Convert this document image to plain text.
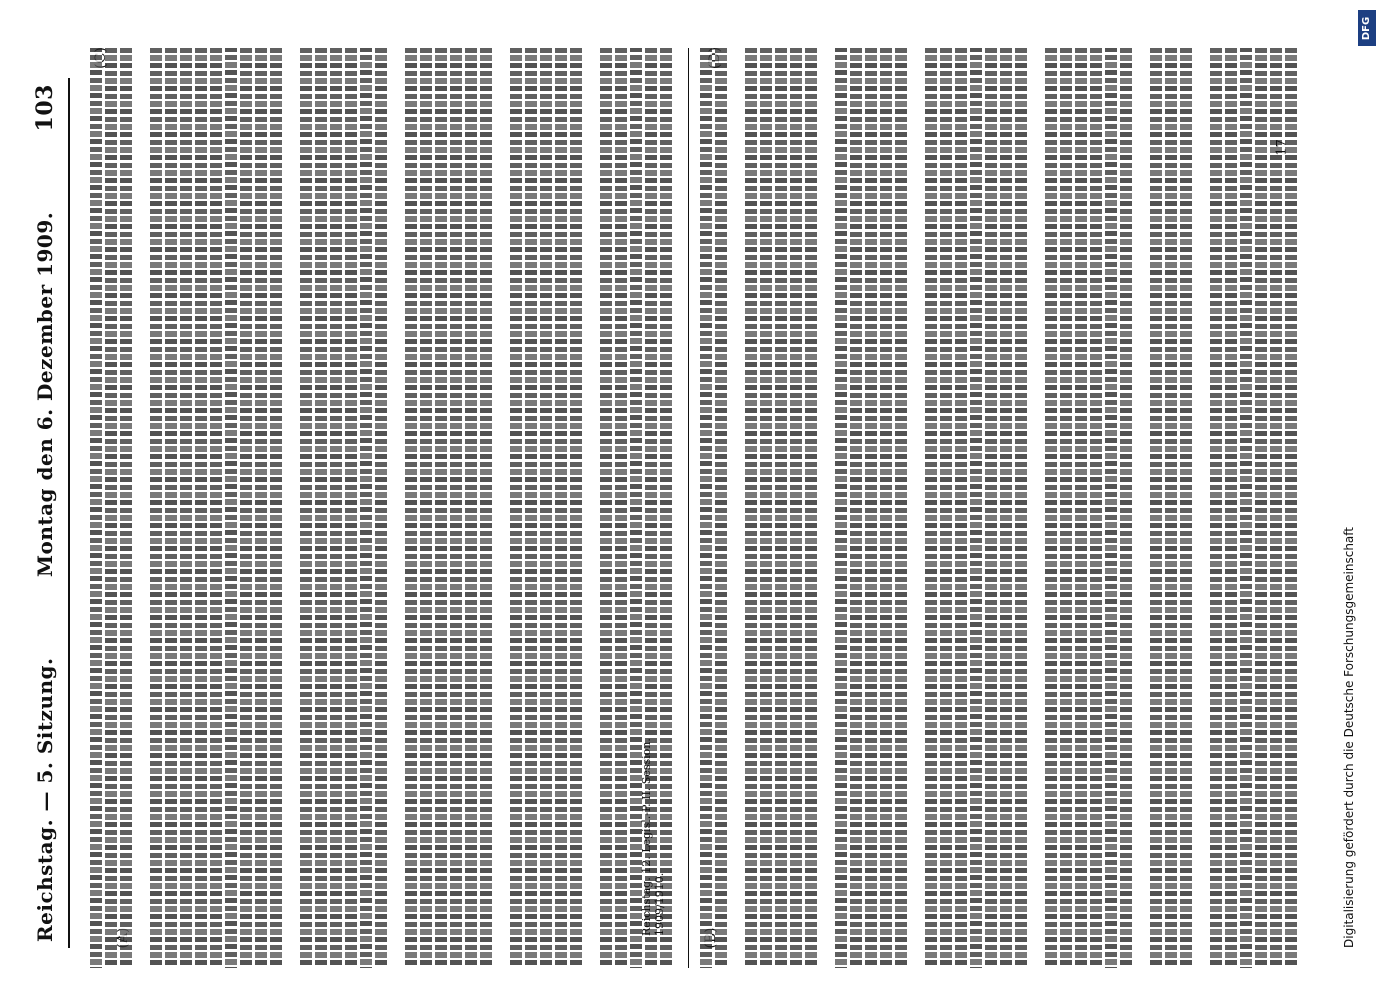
Reichstag. — 5. Sitzung.
Montag den 6. Dezember 1909.
103
Digitalisierung gefördert durch die Deutsche Forschungsgemeinschaft
DFG
17
Reichstag. 12. Legisl.-P. II. Session. 1909/1910.
